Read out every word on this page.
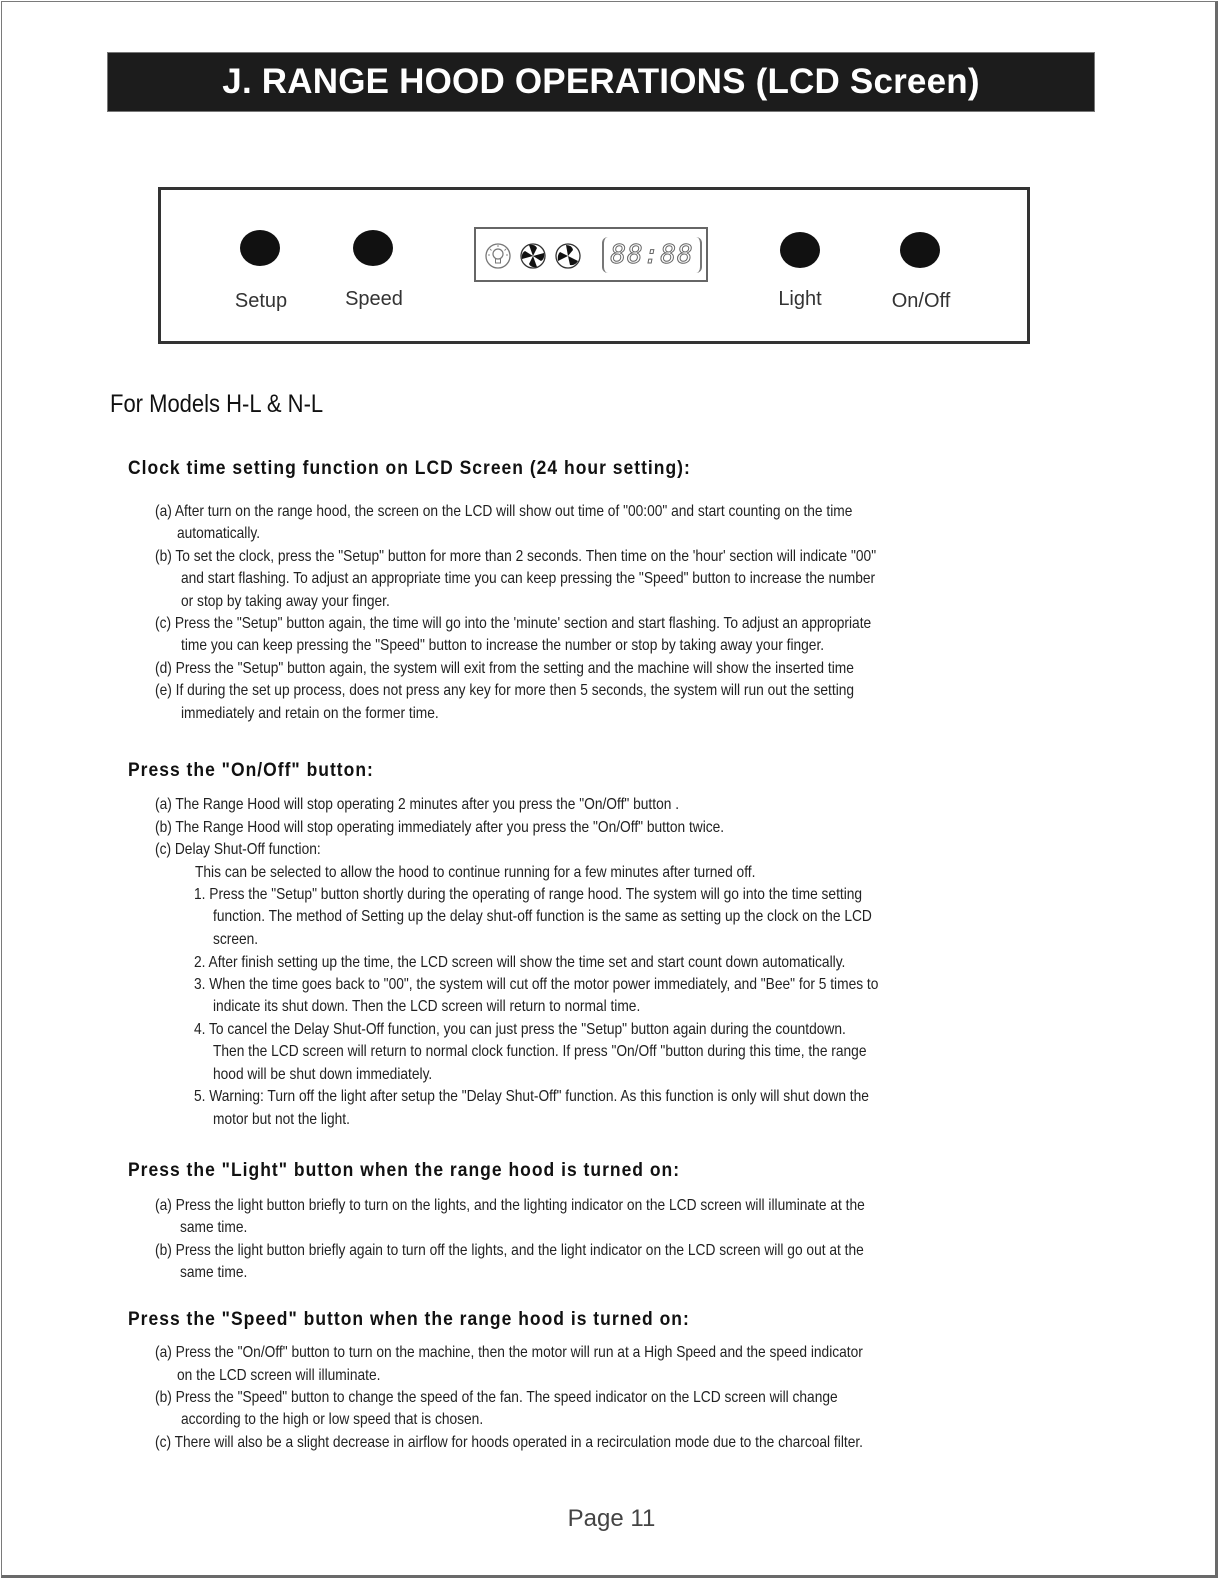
J. RANGE HOOD OPERATIONS (LCD Screen)
Setup	Speed
88:88
Light	On/Off
For Models H-L & N-L
Clock time setting function on LCD Screen (24 hour setting):
(a) After turn on the range hood, the screen on the LCD will show out time of "00:00" and start counting on the time
automatically.
(b) To set the clock, press the "Setup" button for more than 2 seconds. Then time on the 'hour' section will indicate "00"
and start flashing. To adjust an appropriate time you can keep pressing the "Speed" button to increase the number
or stop by taking away your finger.
(c) Press the "Setup" button again, the time will go into the 'minute' section and start flashing. To adjust an appropriate
time you can keep pressing the "Speed" button to increase the number or stop by taking away your finger.
(d) Press the "Setup" button again, the system will exit from the setting and the machine will show the inserted time
(e) If during the set up process, does not press any key for more then 5 seconds, the system will run out the setting
immediately and retain on the former time.
Press the "On/Off" button:
(a) The Range Hood will stop operating 2 minutes after you press the "On/Off" button .
(b) The Range Hood will stop operating immediately after you press the "On/Off" button twice.
(c) Delay Shut-Off function:
This can be selected to allow the hood to continue running for a few minutes after turned off.
1. Press the "Setup" button shortly during the operating of range hood. The system will go into the time setting
function. The method of Setting up the delay shut-off function is the same as setting up the clock on the LCD
screen.
2. After finish setting up the time, the LCD screen will show the time set and start count down automatically.
3. When the time goes back to "00", the system will cut off the motor power immediately, and "Bee" for 5 times to
indicate its shut down. Then the LCD screen will return to normal time.
4. To cancel the Delay Shut-Off function, you can just press the "Setup" button again during the countdown.
Then the LCD screen will return to normal clock function. If press "On/Off "button during this time, the range
hood will be shut down immediately.
5. Warning: Turn off the light after setup the "Delay Shut-Off" function. As this function is only will shut down the
motor but not the light.
Press the "Light" button when the range hood is turned on:
(a) Press the light button briefly to turn on the lights, and the lighting indicator on the LCD screen will illuminate at the
same time.
(b) Press the light button briefly again to turn off the lights, and the light indicator on the LCD screen will go out at the
same time.
Press the "Speed" button when the range hood is turned on:
(a) Press the "On/Off" button to turn on the machine, then the motor will run at a High Speed and the speed indicator
on the LCD screen will illuminate.
(b) Press the "Speed" button to change the speed of the fan. The speed indicator on the LCD screen will change
according to the high or low speed that is chosen.
(c) There will also be a slight decrease in airflow for hoods operated in a recirculation mode due to the charcoal filter.
Page 11
